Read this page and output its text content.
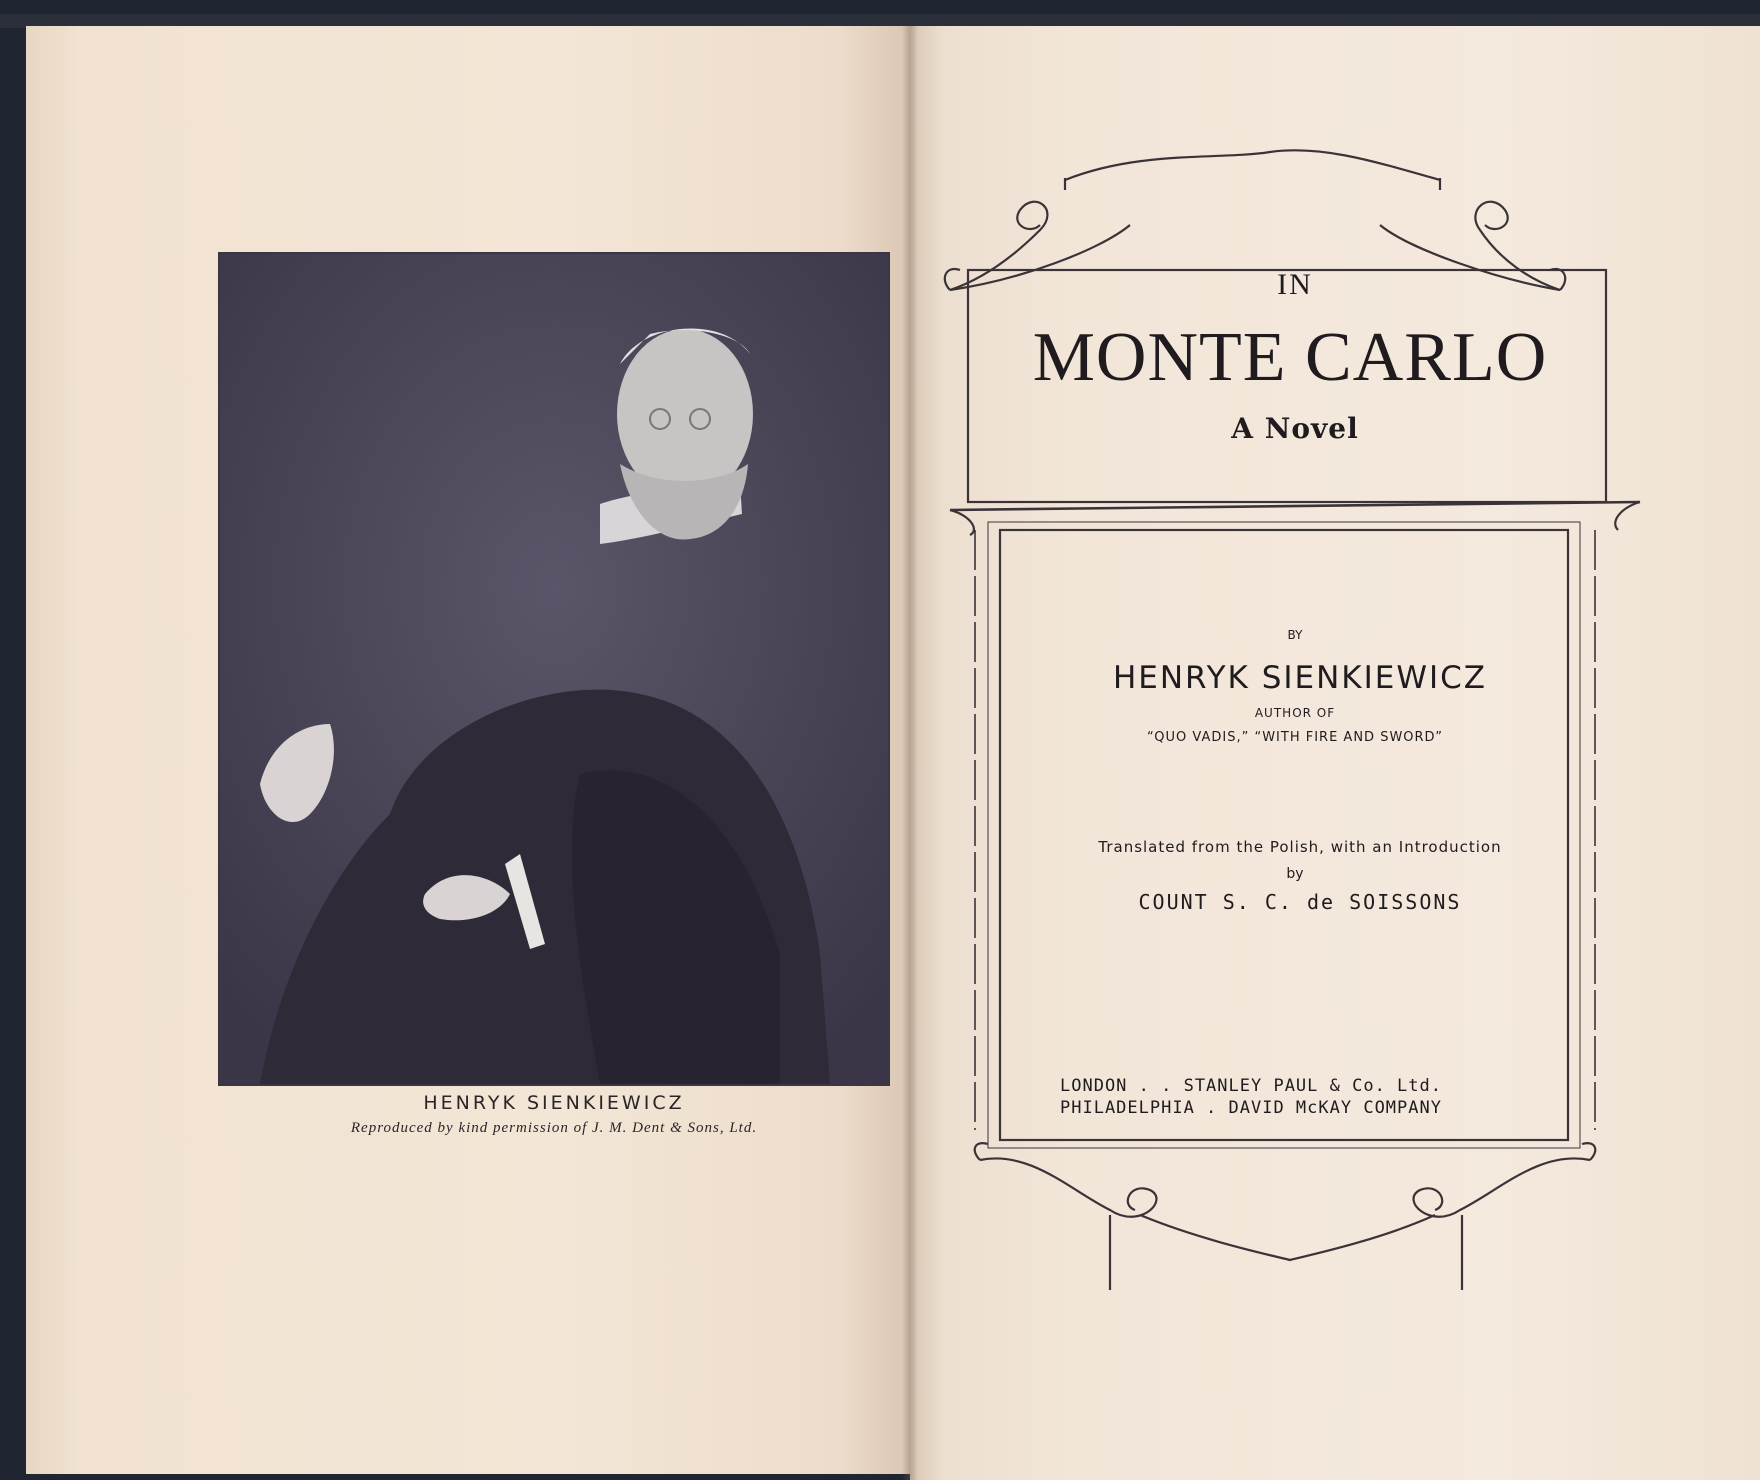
HENRYK SIENKIEWICZ

Reproduced by kind permission of J. M. Dent & Sons, Ltd.

IN
MONTE CARLO
A Novel
BY
HENRYK SIENKIEWICZ
AUTHOR OF
“QUO VADIS,” “WITH FIRE AND SWORD”
Translated from the Polish, with an Introduction
by
COUNT S. C. de SOISSONS
LONDON . . STANLEY PAUL & Co. Ltd.
PHILADELPHIA . DAVID McKAY COMPANY
